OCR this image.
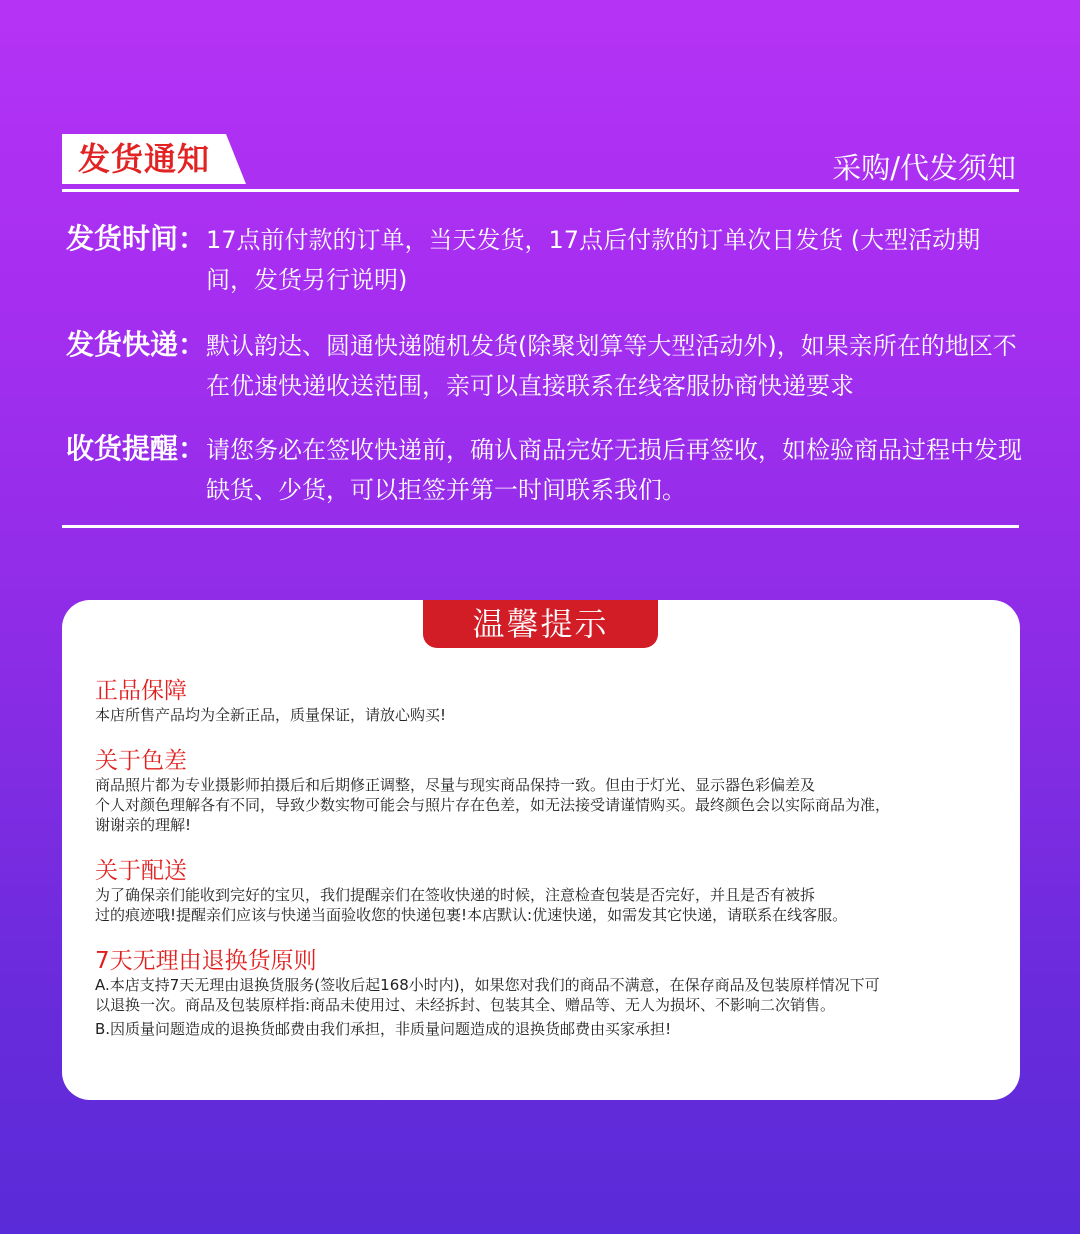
发货通知	采购/代发须知
发货时间： 17点前付款的订单，当天发货，17点后付款的订单次日发货 (大型活动期间，发货另行说明)
发货快递： 默认韵达、圆通快递随机发货(除聚划算等大型活动外)，如果亲所在的地区不 在优速快递收送范围，亲可以直接联系在线客服协商快递要求
收货提醒： 请您务必在签收快递前，确认商品完好无损后再签收，如检验商品过程中发现缺货、少货，可以拒签并第一时间联系我们。
温馨提示
正品保障
本店所售产品均为全新正品，质量保证，请放心购买!
关于色差
商品照片都为专业摄影师拍摄后和后期修正调整，尽量与现实商品保持一致。但由于灯光、显示器色彩偏差及
个人对颜色理解各有不同，导致少数实物可能会与照片存在色差，如无法接受请谨情购买。最终颜色会以实际商品为准，
谢谢亲的理解!
关于配送
为了确保亲们能收到完好的宝贝，我们提醒亲们在签收快递的时候，注意检查包装是否完好，并且是否有被拆
过的痕迹哦!提醒亲们应该与快递当面验收您的快递包裹!本店默认:优速快递，如需发其它快递，请联系在线客服。
7天无理由退换货原则
A.本店支持7天无理由退换货服务(签收后起168小时内)，如果您对我们的商品不满意，在保存商品及包装原样情况下可
以退换一次。商品及包装原样指:商品未使用过、未经拆封、包装其全、赠品等、无人为损坏、不影响二次销售。
B.因质量问题造成的退换货邮费由我们承担，非质量问题造成的退换货邮费由买家承担!
